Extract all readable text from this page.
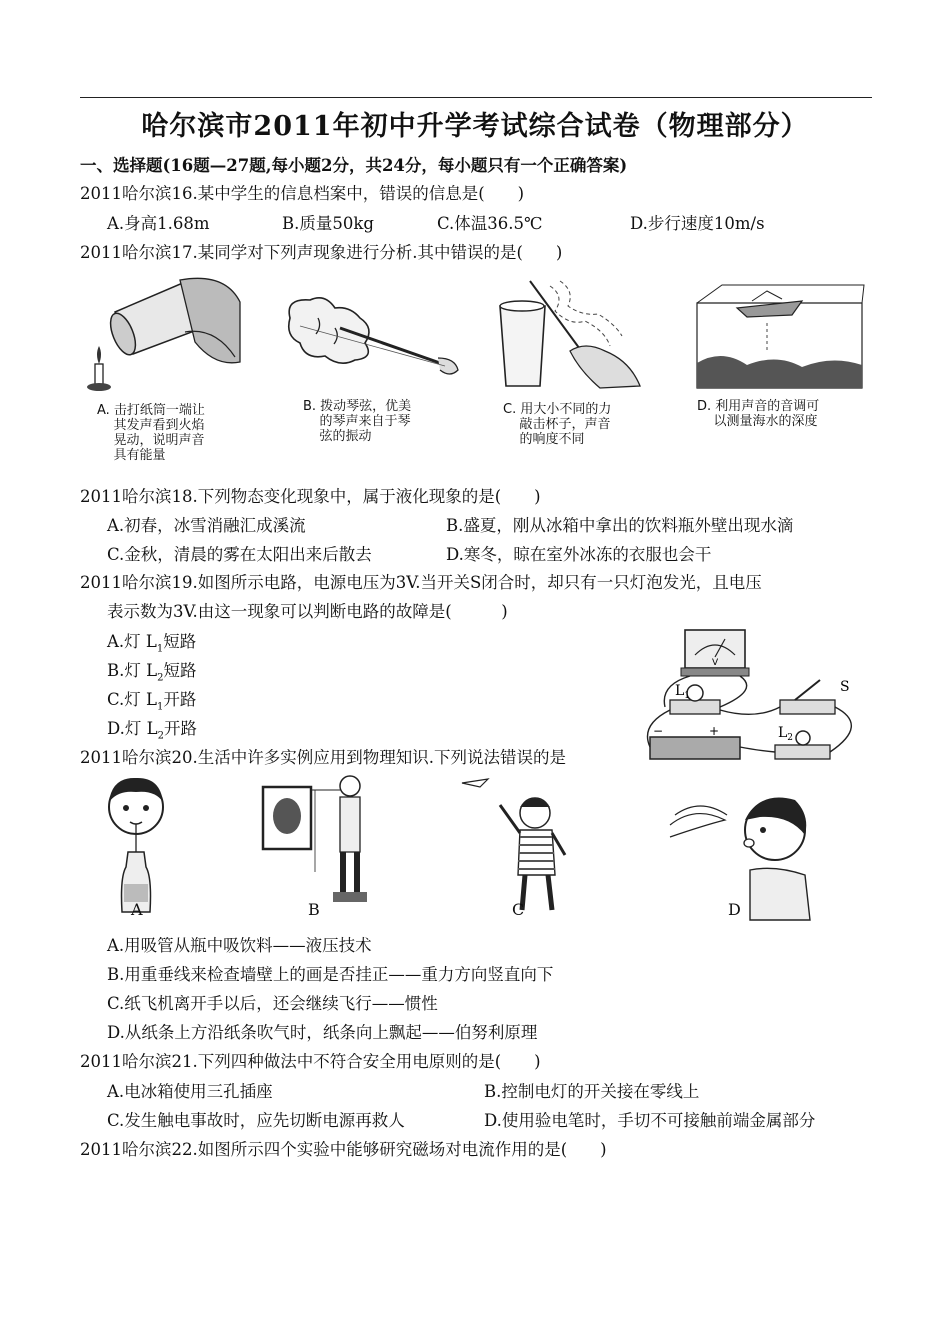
哈尔滨市2011年初中升学考试综合试卷（物理部分）
一、选择题(16题—27题,每小题2分，共24分，每小题只有一个正确答案)
2011哈尔滨16.某中学生的信息档案中，错误的信息是(　　)
A.身高1.68m	B.质量50kg	C.体温36.5℃	D.步行速度10m/s
2011哈尔滨17.某同学对下列声现象进行分析.其中错误的是(　　)
A. 击打纸筒一端让
其发声看到火焰
晃动，说明声音
具有能量
B. 拨动琴弦，优美
的琴声来自于琴
弦的振动
C. 用大小不同的力
敲击杯子，声音
的响度不同
D. 利用声音的音调可
以测量海水的深度
2011哈尔滨18.下列物态变化现象中，属于液化现象的是(　　)
A.初春，冰雪消融汇成溪流	B.盛夏，刚从冰箱中拿出的饮料瓶外壁出现水滴
C.金秋，清晨的雾在太阳出来后散去	D.寒冬，晾在室外冰冻的衣服也会干
2011哈尔滨19.如图所示电路，电源电压为3V.当开关S闭合时，却只有一只灯泡发光，且电压
表示数为3V.由这一现象可以判断电路的故障是(　　　)
A.灯 $L_1$短路
B.灯 $L_2$短路
C.灯 $L_1$开路
D.灯 $L_2$开路
V
$L_1$
S
−	+	$L_2$
2011哈尔滨20.生活中许多实例应用到物理知识.下列说法错误的是
A	B	C	D
A.用吸管从瓶中吸饮料——液压技术
B.用重垂线来检查墙壁上的画是否挂正——重力方向竖直向下
C.纸飞机离开手以后，还会继续飞行——惯性
D.从纸条上方沿纸条吹气时，纸条向上飘起——伯努利原理
2011哈尔滨21.下列四种做法中不符合安全用电原则的是(　　)
A.电冰箱使用三孔插座	B.控制电灯的开关接在零线上
C.发生触电事故时，应先切断电源再救人	D.使用验电笔时，手切不可接触前端金属部分
2011哈尔滨22.如图所示四个实验中能够研究磁场对电流作用的是(　　)
